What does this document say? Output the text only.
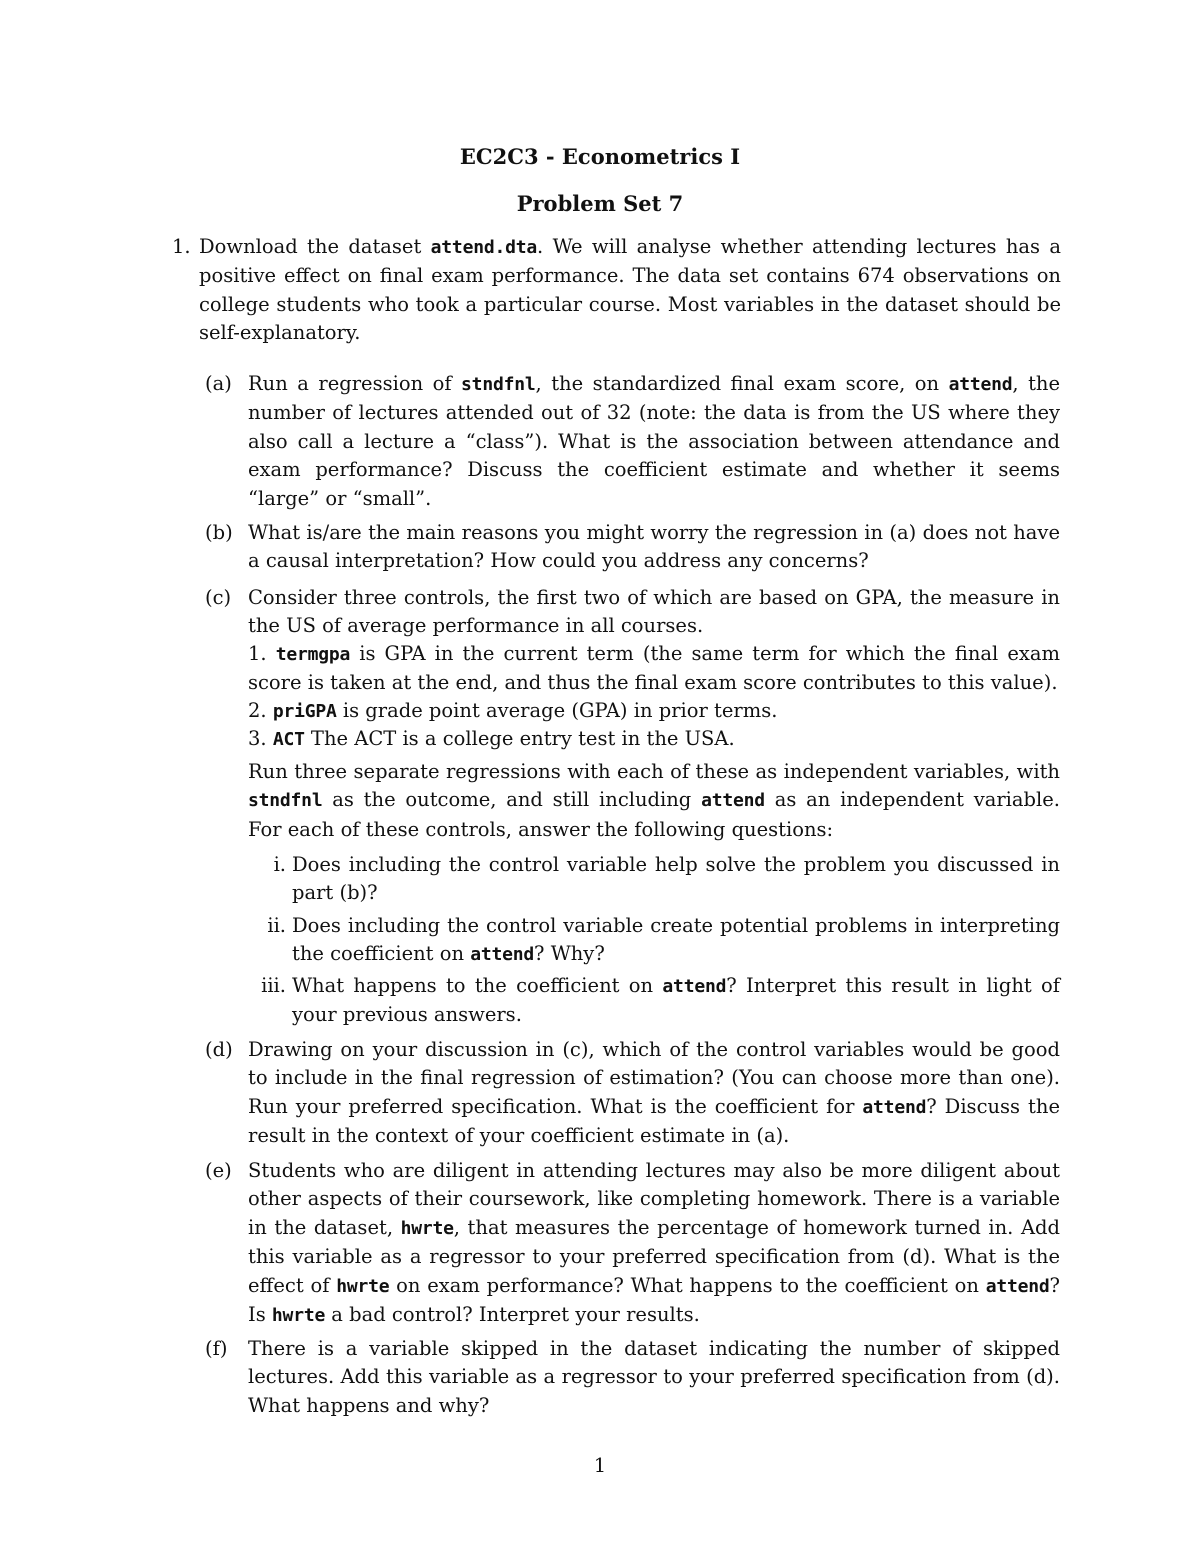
EC2C3 - Econometrics I
Problem Set 7
1. Download the dataset attend.dta. We will analyse whether attending lectures has a positive effect on final exam performance. The data set contains 674 observations on college students who took a particular course. Most variables in the dataset should be self-explanatory.

(a) Run a regression of stndfnl, the standardized final exam score, on attend, the number of lectures attended out of 32 (note: the data is from the US where they also call a lecture a “class”). What is the association between attendance and exam performance? Discuss the coefficient estimate and whether it seems “large” or “small”.

(b) What is/are the main reasons you might worry the regression in (a) does not have a causal interpretation? How could you address any concerns?

(c) Consider three controls, the first two of which are based on GPA, the measure in the US of average performance in all courses.

1. termgpa is GPA in the current term (the same term for which the final exam score is taken at the end, and thus the final exam score contributes to this value).

2. priGPA is grade point average (GPA) in prior terms.

3. ACT The ACT is a college entry test in the USA.

Run three separate regressions with each of these as independent variables, with stndfnl as the outcome, and still including attend as an independent variable. For each of these controls, answer the following questions:

i. Does including the control variable help solve the problem you discussed in part (b)?

ii. Does including the control variable create potential problems in interpreting the coefficient on attend? Why?

iii. What happens to the coefficient on attend? Interpret this result in light of your previous answers.

(d) Drawing on your discussion in (c), which of the control variables would be good to include in the final regression of estimation? (You can choose more than one). Run your preferred specification. What is the coefficient for attend? Discuss the result in the context of your coefficient estimate in (a).

(e) Students who are diligent in attending lectures may also be more diligent about other aspects of their coursework, like completing homework. There is a variable in the dataset, hwrte, that measures the percentage of homework turned in. Add this variable as a regressor to your preferred specification from (d). What is the effect of hwrte on exam performance? What happens to the coefficient on attend? Is hwrte a bad control? Interpret your results.

(f)	There is a variable skipped in the dataset indicating the number of skipped lectures. Add this variable as a regressor to your preferred specification from (d). What happens and why?

1
